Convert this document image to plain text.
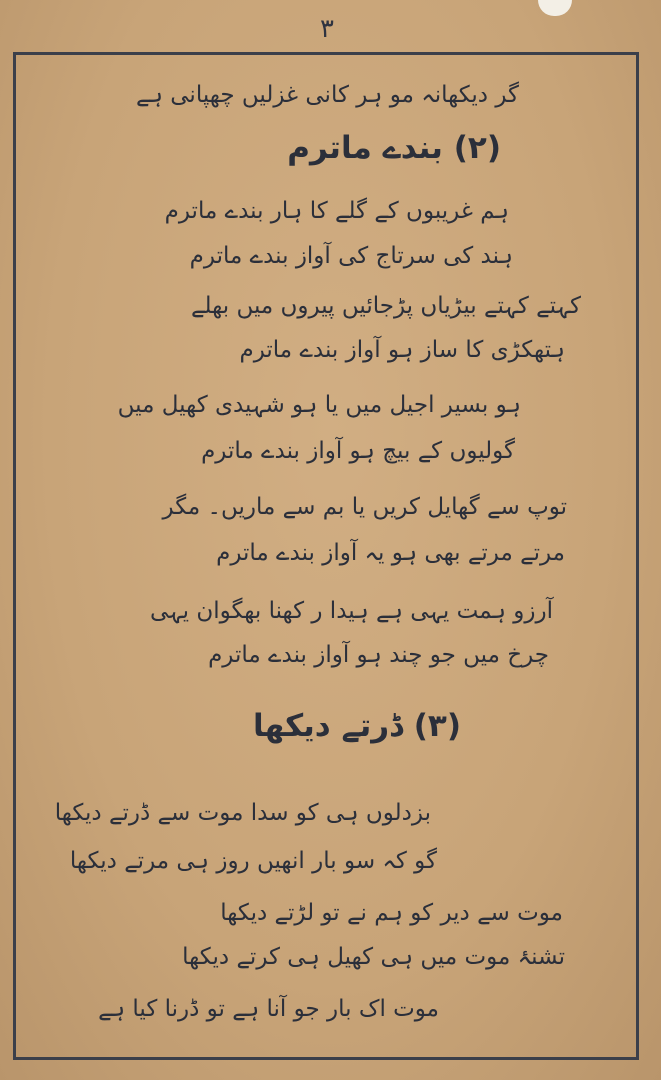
۳
گر دیکھانہ مو ہر کانی غزلیں چھپانی ہے
(۲) بندے ماترم
ہم غریبوں کے گلے کا ہار بندے ماترم
ہند کی سرتاج کی آواز بندے ماترم
کہتے کہتے بیڑیاں پڑجائیں پیروں میں بھلے
ہتھکڑی کا ساز ہو آواز بندے ماترم
ہو بسیر اجیل میں یا ہو شہیدی کھیل میں
گولیوں کے بیچ ہو آواز بندے ماترم
توپ سے گھایل کریں یا بم سے ماریں۔ مگر
مرتے مرتے بھی ہو یہ آواز بندے ماترم
آرزو ہمت یہی ہے ہیدا ر کھنا بھگوان یہی
چرخ میں جو چند ہو آواز بندے ماترم
(۳) ڈرتے دیکھا
بزدلوں ہی کو سدا موت سے ڈرتے دیکھا
گو کہ سو بار انھیں روز ہی مرتے دیکھا
موت سے دیر کو ہم نے تو لڑتے دیکھا
تشنۂ موت میں ہی کھیل ہی کرتے دیکھا
موت اک بار جو آنا ہے تو ڈرنا کیا ہے
